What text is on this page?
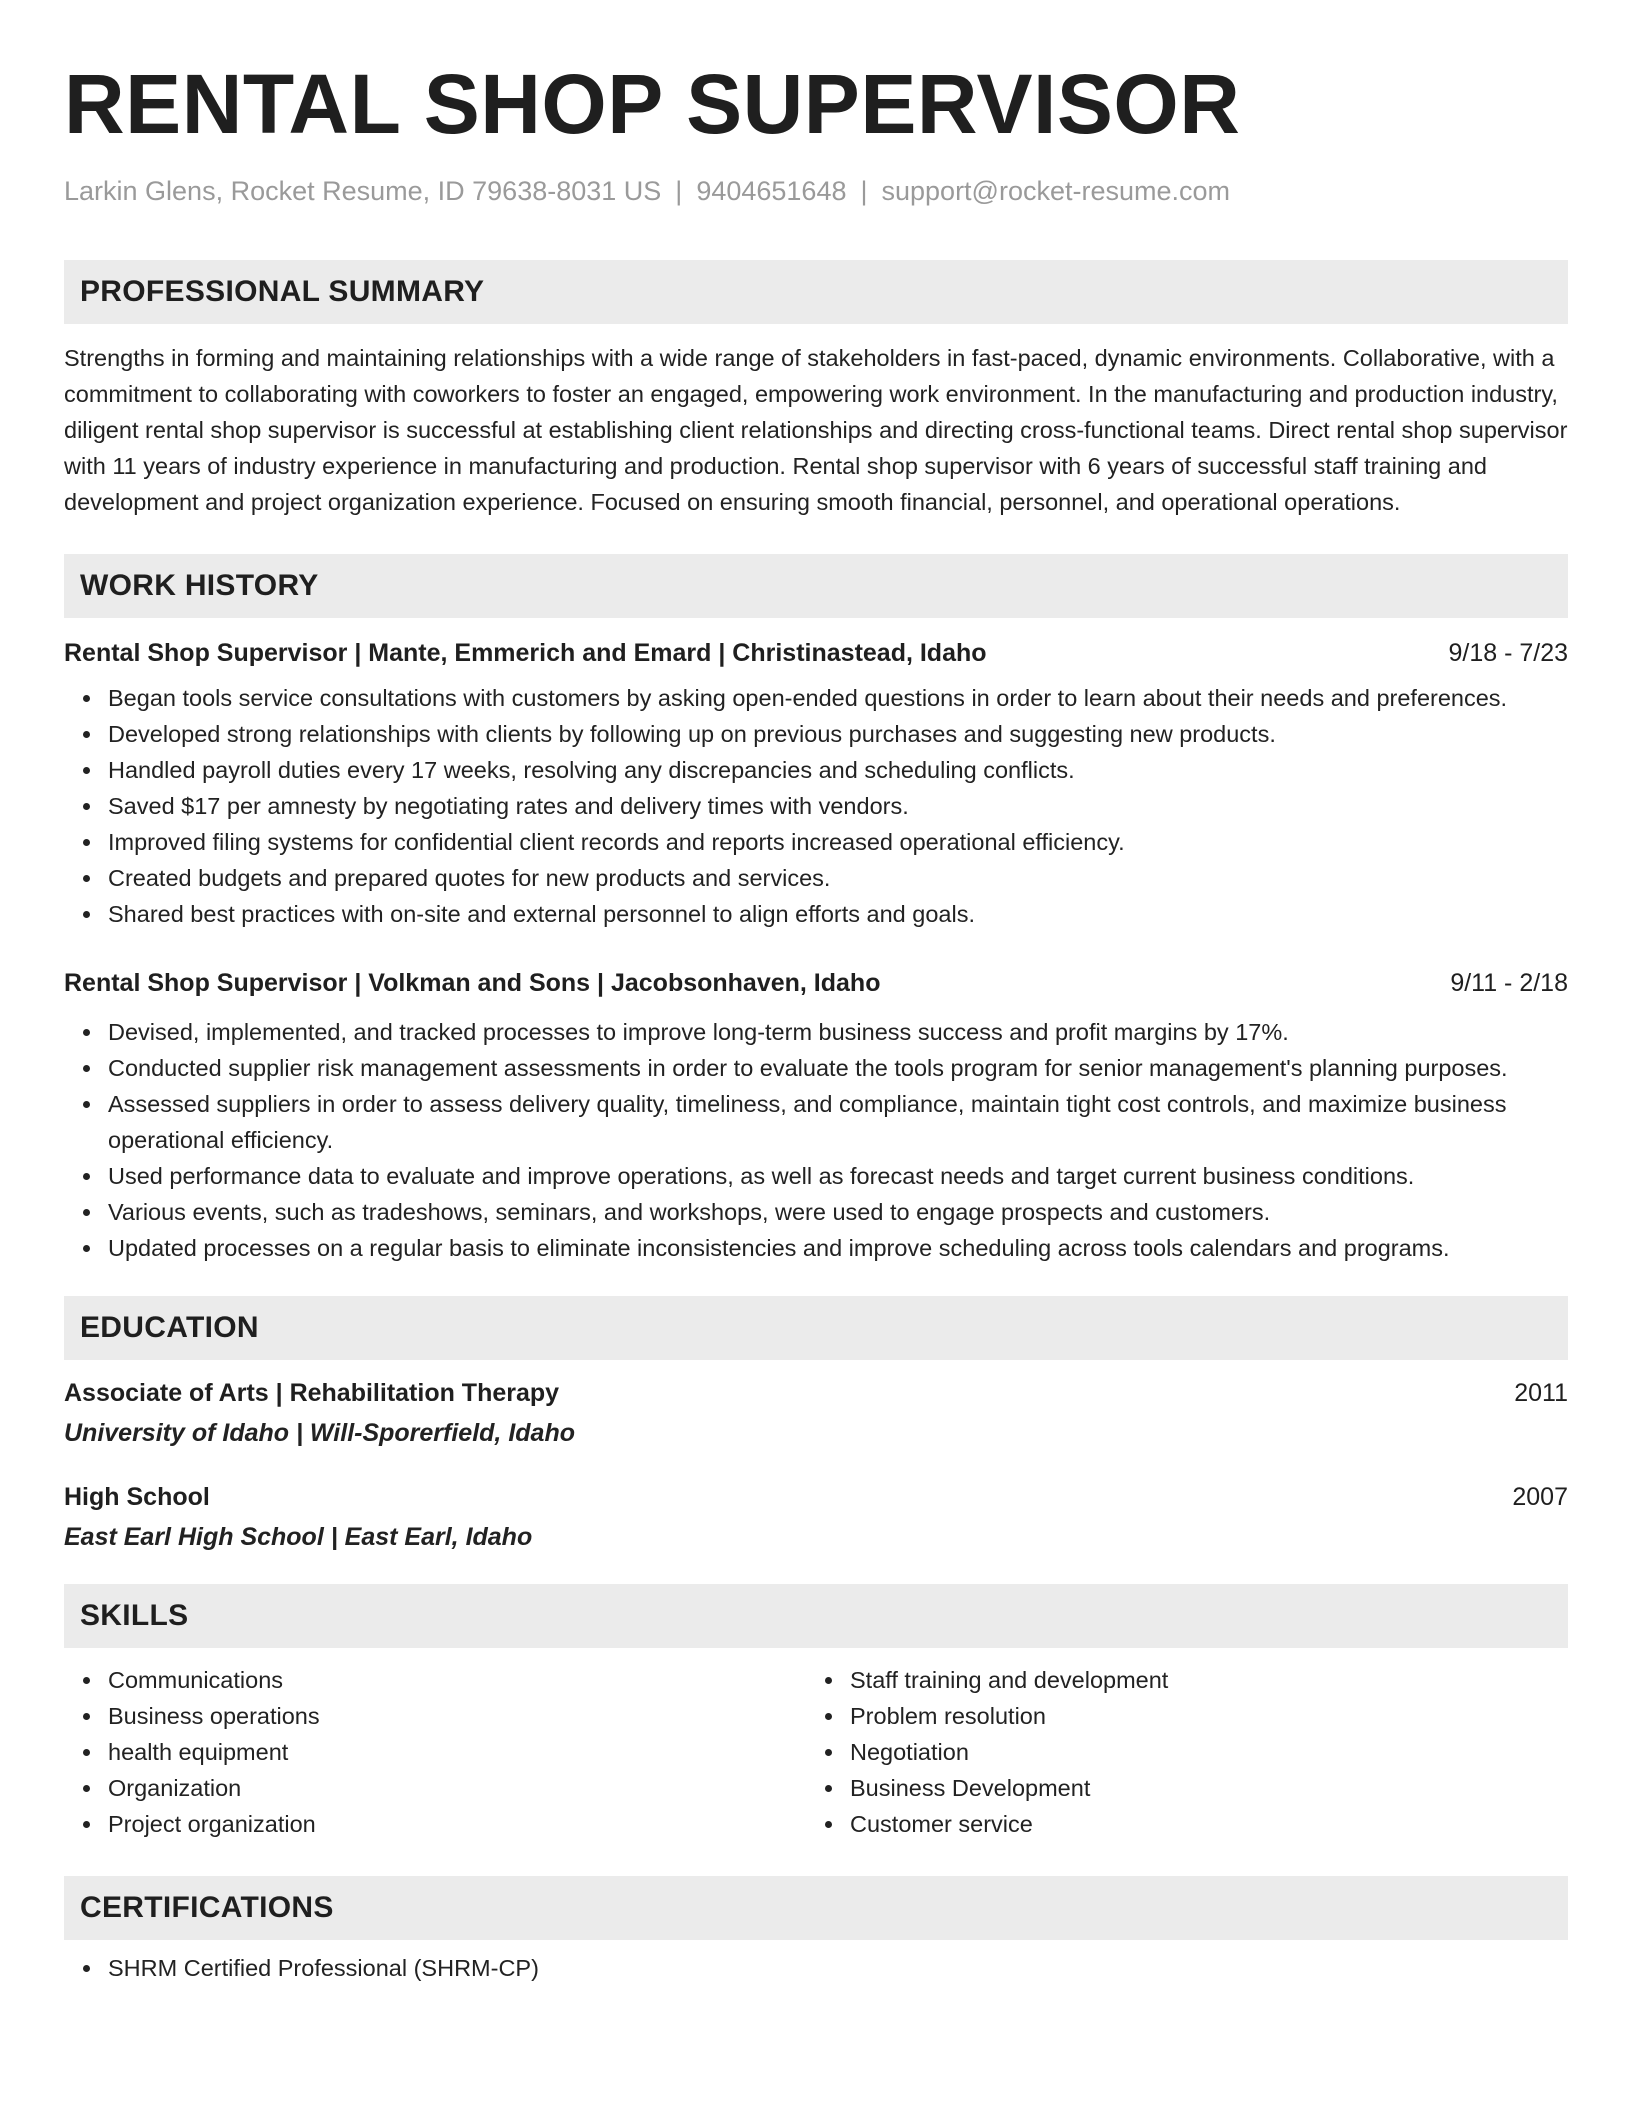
RENTAL SHOP SUPERVISOR
Larkin Glens, Rocket Resume, ID 79638-8031 US | 9404651648 | support@rocket-resume.com
PROFESSIONAL SUMMARY
Strengths in forming and maintaining relationships with a wide range of stakeholders in fast-paced, dynamic environments. Collaborative, with a commitment to collaborating with coworkers to foster an engaged, empowering work environment. In the manufacturing and production industry, diligent rental shop supervisor is successful at establishing client relationships and directing cross-functional teams. Direct rental shop supervisor with 11 years of industry experience in manufacturing and production. Rental shop supervisor with 6 years of successful staff training and development and project organization experience. Focused on ensuring smooth financial, personnel, and operational operations.
WORK HISTORY
Rental Shop Supervisor | Mante, Emmerich and Emard | Christinastead, Idaho	9/18 - 7/23
Began tools service consultations with customers by asking open-ended questions in order to learn about their needs and preferences.
Developed strong relationships with clients by following up on previous purchases and suggesting new products.
Handled payroll duties every 17 weeks, resolving any discrepancies and scheduling conflicts.
Saved $17 per amnesty by negotiating rates and delivery times with vendors.
Improved filing systems for confidential client records and reports increased operational efficiency.
Created budgets and prepared quotes for new products and services.
Shared best practices with on-site and external personnel to align efforts and goals.
Rental Shop Supervisor | Volkman and Sons | Jacobsonhaven, Idaho	9/11 - 2/18
Devised, implemented, and tracked processes to improve long-term business success and profit margins by 17%.
Conducted supplier risk management assessments in order to evaluate the tools program for senior management's planning purposes.
Assessed suppliers in order to assess delivery quality, timeliness, and compliance, maintain tight cost controls, and maximize business operational efficiency.
Used performance data to evaluate and improve operations, as well as forecast needs and target current business conditions.
Various events, such as tradeshows, seminars, and workshops, were used to engage prospects and customers.
Updated processes on a regular basis to eliminate inconsistencies and improve scheduling across tools calendars and programs.
EDUCATION
Associate of Arts | Rehabilitation Therapy	2011
University of Idaho | Will-Sporerfield, Idaho
High School	2007
East Earl High School | East Earl, Idaho
SKILLS
Communications
Business operations
health equipment
Organization
Project organization
Staff training and development
Problem resolution
Negotiation
Business Development
Customer service
CERTIFICATIONS
SHRM Certified Professional (SHRM-CP)
